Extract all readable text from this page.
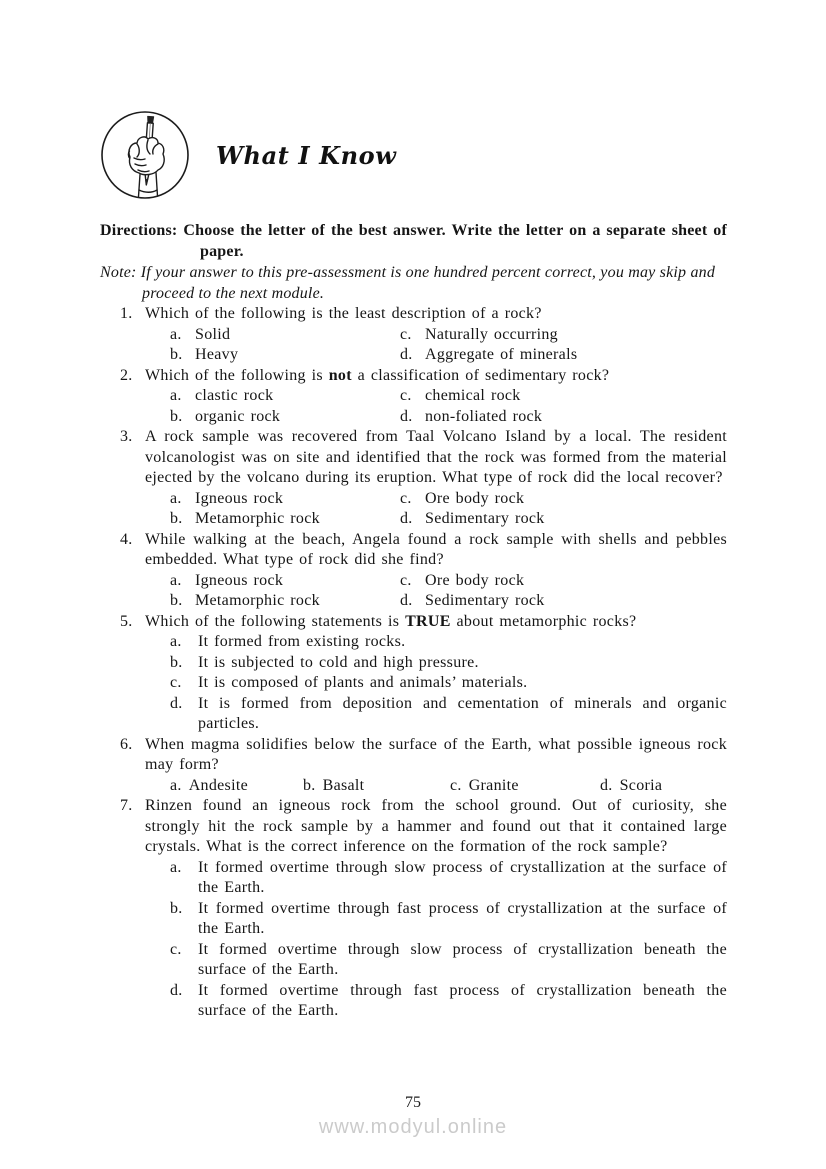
What I Know

Directions: Choose the letter of the best answer. Write the letter on a separate sheet of paper.

Note: If your answer to this pre-assessment is one hundred percent correct, you may skip and proceed to the next module.

1. Which of the following is the least description of a rock?

a. Solid	c. Naturally occurring
b. Heavy	d. Aggregate of minerals
2. Which of the following is not a classification of sedimentary rock?

a. clastic rock	c. chemical rock
b. organic rock	d. non-foliated rock
3. A rock sample was recovered from Taal Volcano Island by a local. The resident volcanologist was on site and identified that the rock was formed from the material ejected by the volcano during its eruption. What type of rock did the local recover?

a. Igneous rock	c. Ore body rock
b. Metamorphic rock	d. Sedimentary rock
4. While walking at the beach, Angela found a rock sample with shells and pebbles embedded. What type of rock did she find?

a. Igneous rock	c. Ore body rock
b. Metamorphic rock	d. Sedimentary rock
5. Which of the following statements is TRUE about metamorphic rocks?

a.	It formed from existing rocks.
b. It is subjected to cold and high pressure.
c.	It is composed of plants and animals’ materials.
d. It is formed from deposition and cementation of minerals and organic particles.
6. When magma solidifies below the surface of the Earth, what possible igneous rock may form?

a. Andesite	b. Basalt	c. Granite	d. Scoria
7. Rinzen found an igneous rock from the school ground. Out of curiosity, she strongly hit the rock sample by a hammer and found out that it contained large crystals. What is the correct inference on the formation of the rock sample?

a.	It formed overtime through slow process of crystallization at the surface of the Earth.
b. It formed overtime through fast process of crystallization at the surface of the Earth.
c.	It formed overtime through slow process of crystallization beneath the surface of the Earth.
d. It formed overtime through fast process of crystallization beneath the surface of the Earth.
75
www.modyul.online
